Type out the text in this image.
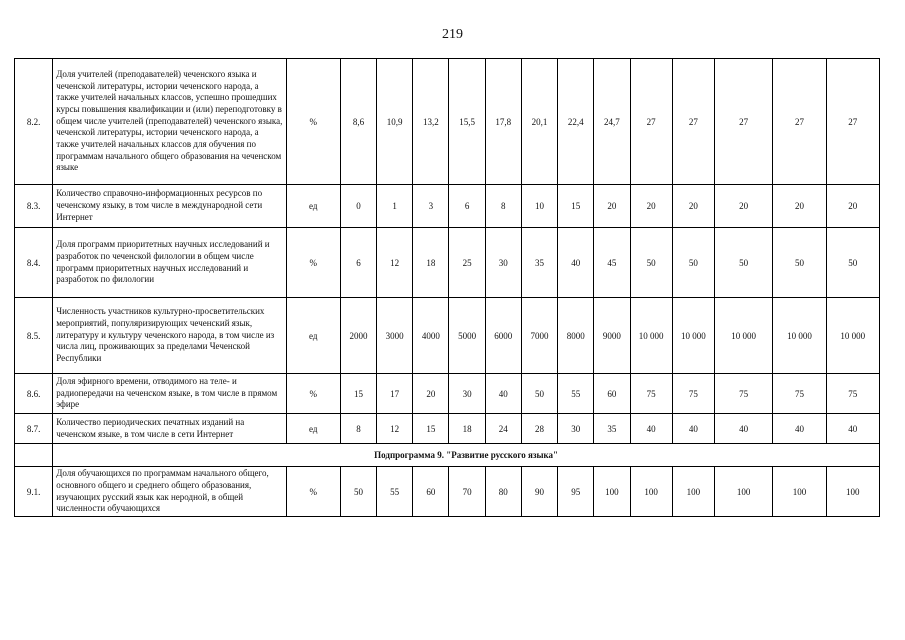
219
8.2.	Доля учителей (преподавателей) чеченского языка и чеченской литературы, истории чеченского народа, а также учителей начальных классов, успешно прошедших курсы повышения квалификации и (или) переподготовку в общем числе учителей (преподавателей) чеченского языка, чеченской литературы, истории чеченского народа, а также учителей начальных классов для обучения по программам начального общего образования на чеченском языке	%	8,6	10,9	13,2	15,5	17,8	20,1	22,4	24,7	27	27	27	27	27
8.3.	Количество справочно-информационных ресурсов по чеченскому языку, в том числе в международной сети Интернет	ед	0	1	3	6	8	10	15	20	20	20	20	20	20
8.4.	Доля программ приоритетных научных исследований и разработок по чеченской филологии в общем числе программ приоритетных научных исследований и разработок по филологии	%	6	12	18	25	30	35	40	45	50	50	50	50	50
8.5.	Численность участников культурно-просветительских мероприятий, популяризирующих чеченский язык, литературу и культуру чеченского народа, в том числе из числа лиц, проживающих за пределами Чеченской Республики	ед	2000	3000	4000	5000	6000	7000	8000	9000	10 000	10 000	10 000	10 000	10 000
8.6.	Доля эфирного времени, отводимого на теле- и радиопередачи на чеченском языке, в том числе в прямом эфире	%	15	17	20	30	40	50	55	60	75	75	75	75	75
8.7.	Количество периодических печатных изданий на чеченском языке, в том числе в сети Интернет	ед	8	12	15	18	24	28	30	35	40	40	40	40	40
	Подпрограмма 9. "Развитие русского языка"														
9.1.	Доля обучающихся по программам начального общего, основного общего и среднего общего образования, изучающих русский язык как неродной, в общей численности обучающихся	%	50	55	60	70	80	90	95	100	100	100	100	100	100
